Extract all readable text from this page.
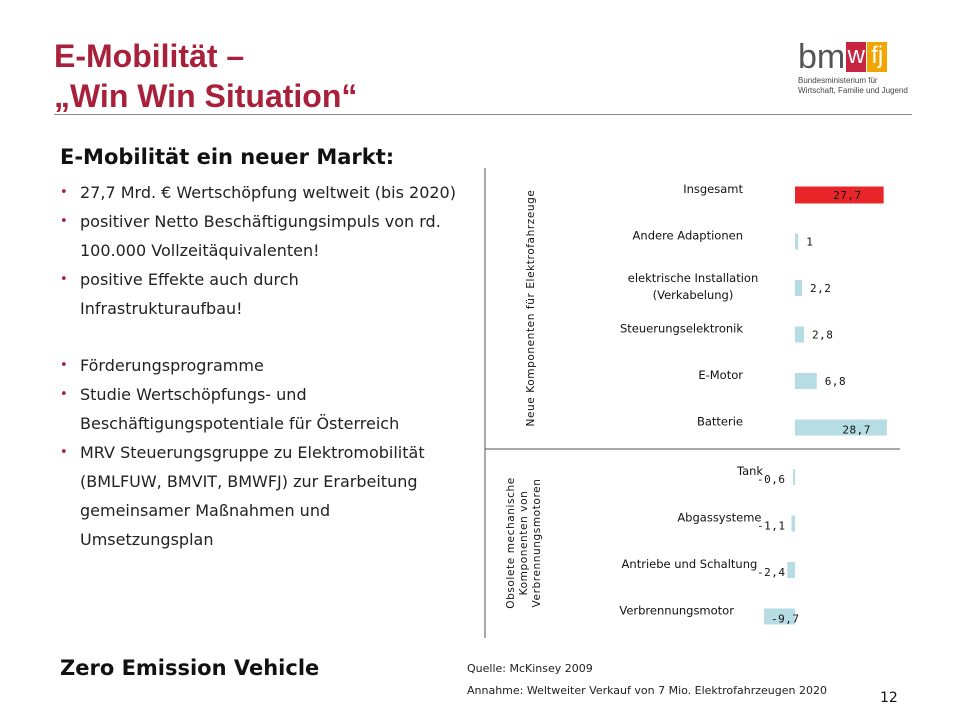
E-Mobilität –
„Win Win Situation“
bm w fj
Bundesministerium für
Wirtschaft, Familie und Jugend
E-Mobilität ein neuer Markt:
• 27,7 Mrd. € Wertschöpfung weltweit (bis 2020)
• positiver Netto Beschäftigungsimpuls von rd. 100.000 Vollzeitäquivalenten!
• positive Effekte auch durch Infrastrukturaufbau!
• Förderungsprogramme
• Studie Wertschöpfungs- und Beschäftigungspotentiale für Österreich
• MRV Steuerungsgruppe zu Elektromobilität (BMLFUW, BMVIT, BMWFJ) zur Erarbeitung gemeinsamer Maßnahmen und Umsetzungsplan
Zero Emission Vehicle
Neue Komponenten für Elektrofahrzeuge
Obsolete mechanischeKomponenten vonVerbrennungsmotoren
Insgesamt	27,7
Andere Adaptionen	1
elektrische Installation (Verkabelung)	2,2
Steuerungselektronik	2,8
E-Motor	6,8
Batterie
28,7
Tank
-0,6
Abgassysteme
-1,1
Antriebe und Schaltung
-2,4
Verbrennungsmotor
-9,7
Quelle: McKinsey 2009
Annahme: Weltweiter Verkauf von 7 Mio. Elektrofahrzeugen 2020	12
